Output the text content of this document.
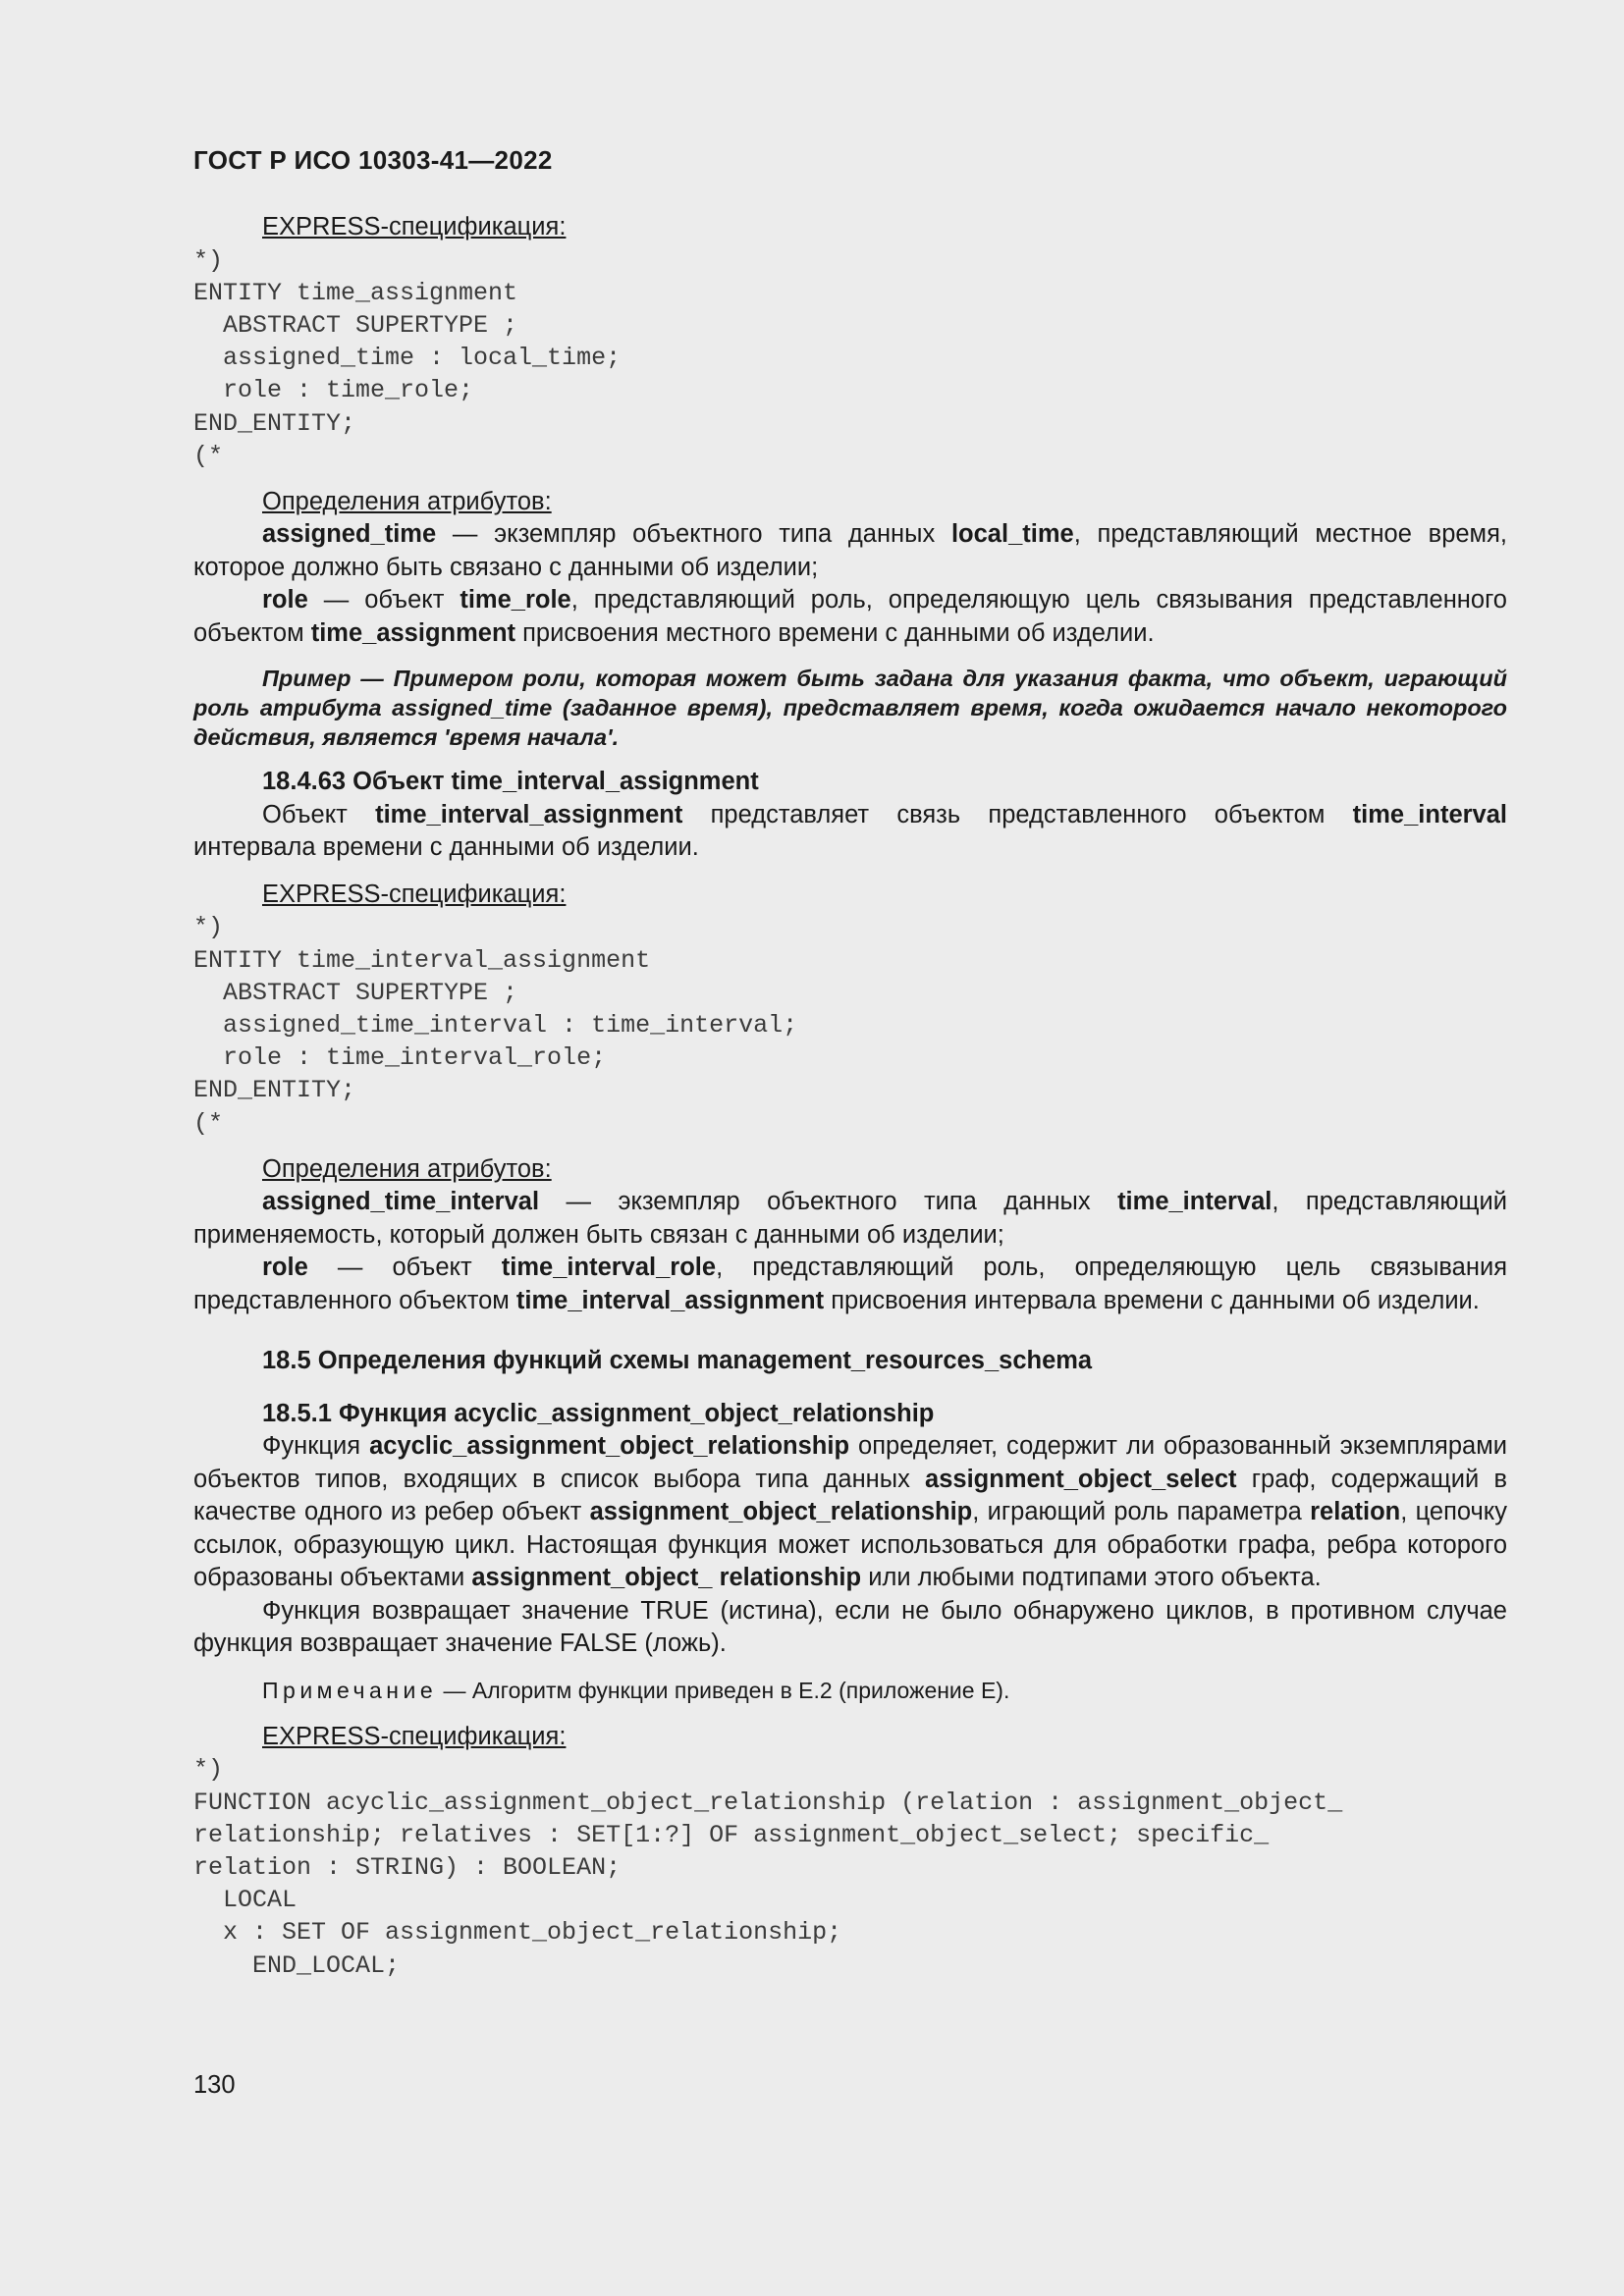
ГОСТ Р ИСО 10303-41—2022

EXPRESS-спецификация:

*)
ENTITY time_assignment
ABSTRACT SUPERTYPE ;
assigned_time : local_time;
role : time_role;
END_ENTITY;
(*

Определения атрибутов:

assigned_time — экземпляр объектного типа данных local_time, представляющий местное время, которое должно быть связано с данными об изделии;

role — объект time_role, представляющий роль, определяющую цель связывания представленного объектом time_assignment присвоения местного времени с данными об изделии.

Пример — Примером роли, которая может быть задана для указания факта, что объект, играющий роль атрибута assigned_time (заданное время), представляет время, когда ожидается начало некоторого действия, является 'время начала'.

18.4.63 Объект time_interval_assignment

Объект time_interval_assignment представляет связь представленного объектом time_interval интервала времени с данными об изделии.

EXPRESS-спецификация:

*)
ENTITY time_interval_assignment
ABSTRACT SUPERTYPE ;
assigned_time_interval : time_interval;
role : time_interval_role;
END_ENTITY;
(*

Определения атрибутов:

assigned_time_interval — экземпляр объектного типа данных time_interval, представляющий применяемость, который должен быть связан с данными об изделии;

role — объект time_interval_role, представляющий роль, определяющую цель связывания представленного объектом time_interval_assignment присвоения интервала времени с данными об изделии.

18.5 Определения функций схемы management_resources_schema

18.5.1 Функция acyclic_assignment_object_relationship

Функция acyclic_assignment_object_relationship определяет, содержит ли образованный экземплярами объектов типов, входящих в список выбора типа данных assignment_object_select граф, содержащий в качестве одного из ребер объект assignment_object_relationship, играющий роль параметра relation, цепочку ссылок, образующую цикл. Настоящая функция может использоваться для обработки графа, ребра которого образованы объектами assignment_object_ relationship или любыми подтипами этого объекта.

Функция возвращает значение TRUE (истина), если не было обнаружено циклов, в противном случае функция возвращает значение FALSE (ложь).

Примечание — Алгоритм функции приведен в Е.2 (приложение Е).

EXPRESS-спецификация:

*)
FUNCTION acyclic_assignment_object_relationship (relation : assignment_object_
relationship; relatives : SET[1:?] OF assignment_object_select; specific_
relation : STRING) : BOOLEAN;
LOCAL
x : SET OF assignment_object_relationship;
END_LOCAL;
130
